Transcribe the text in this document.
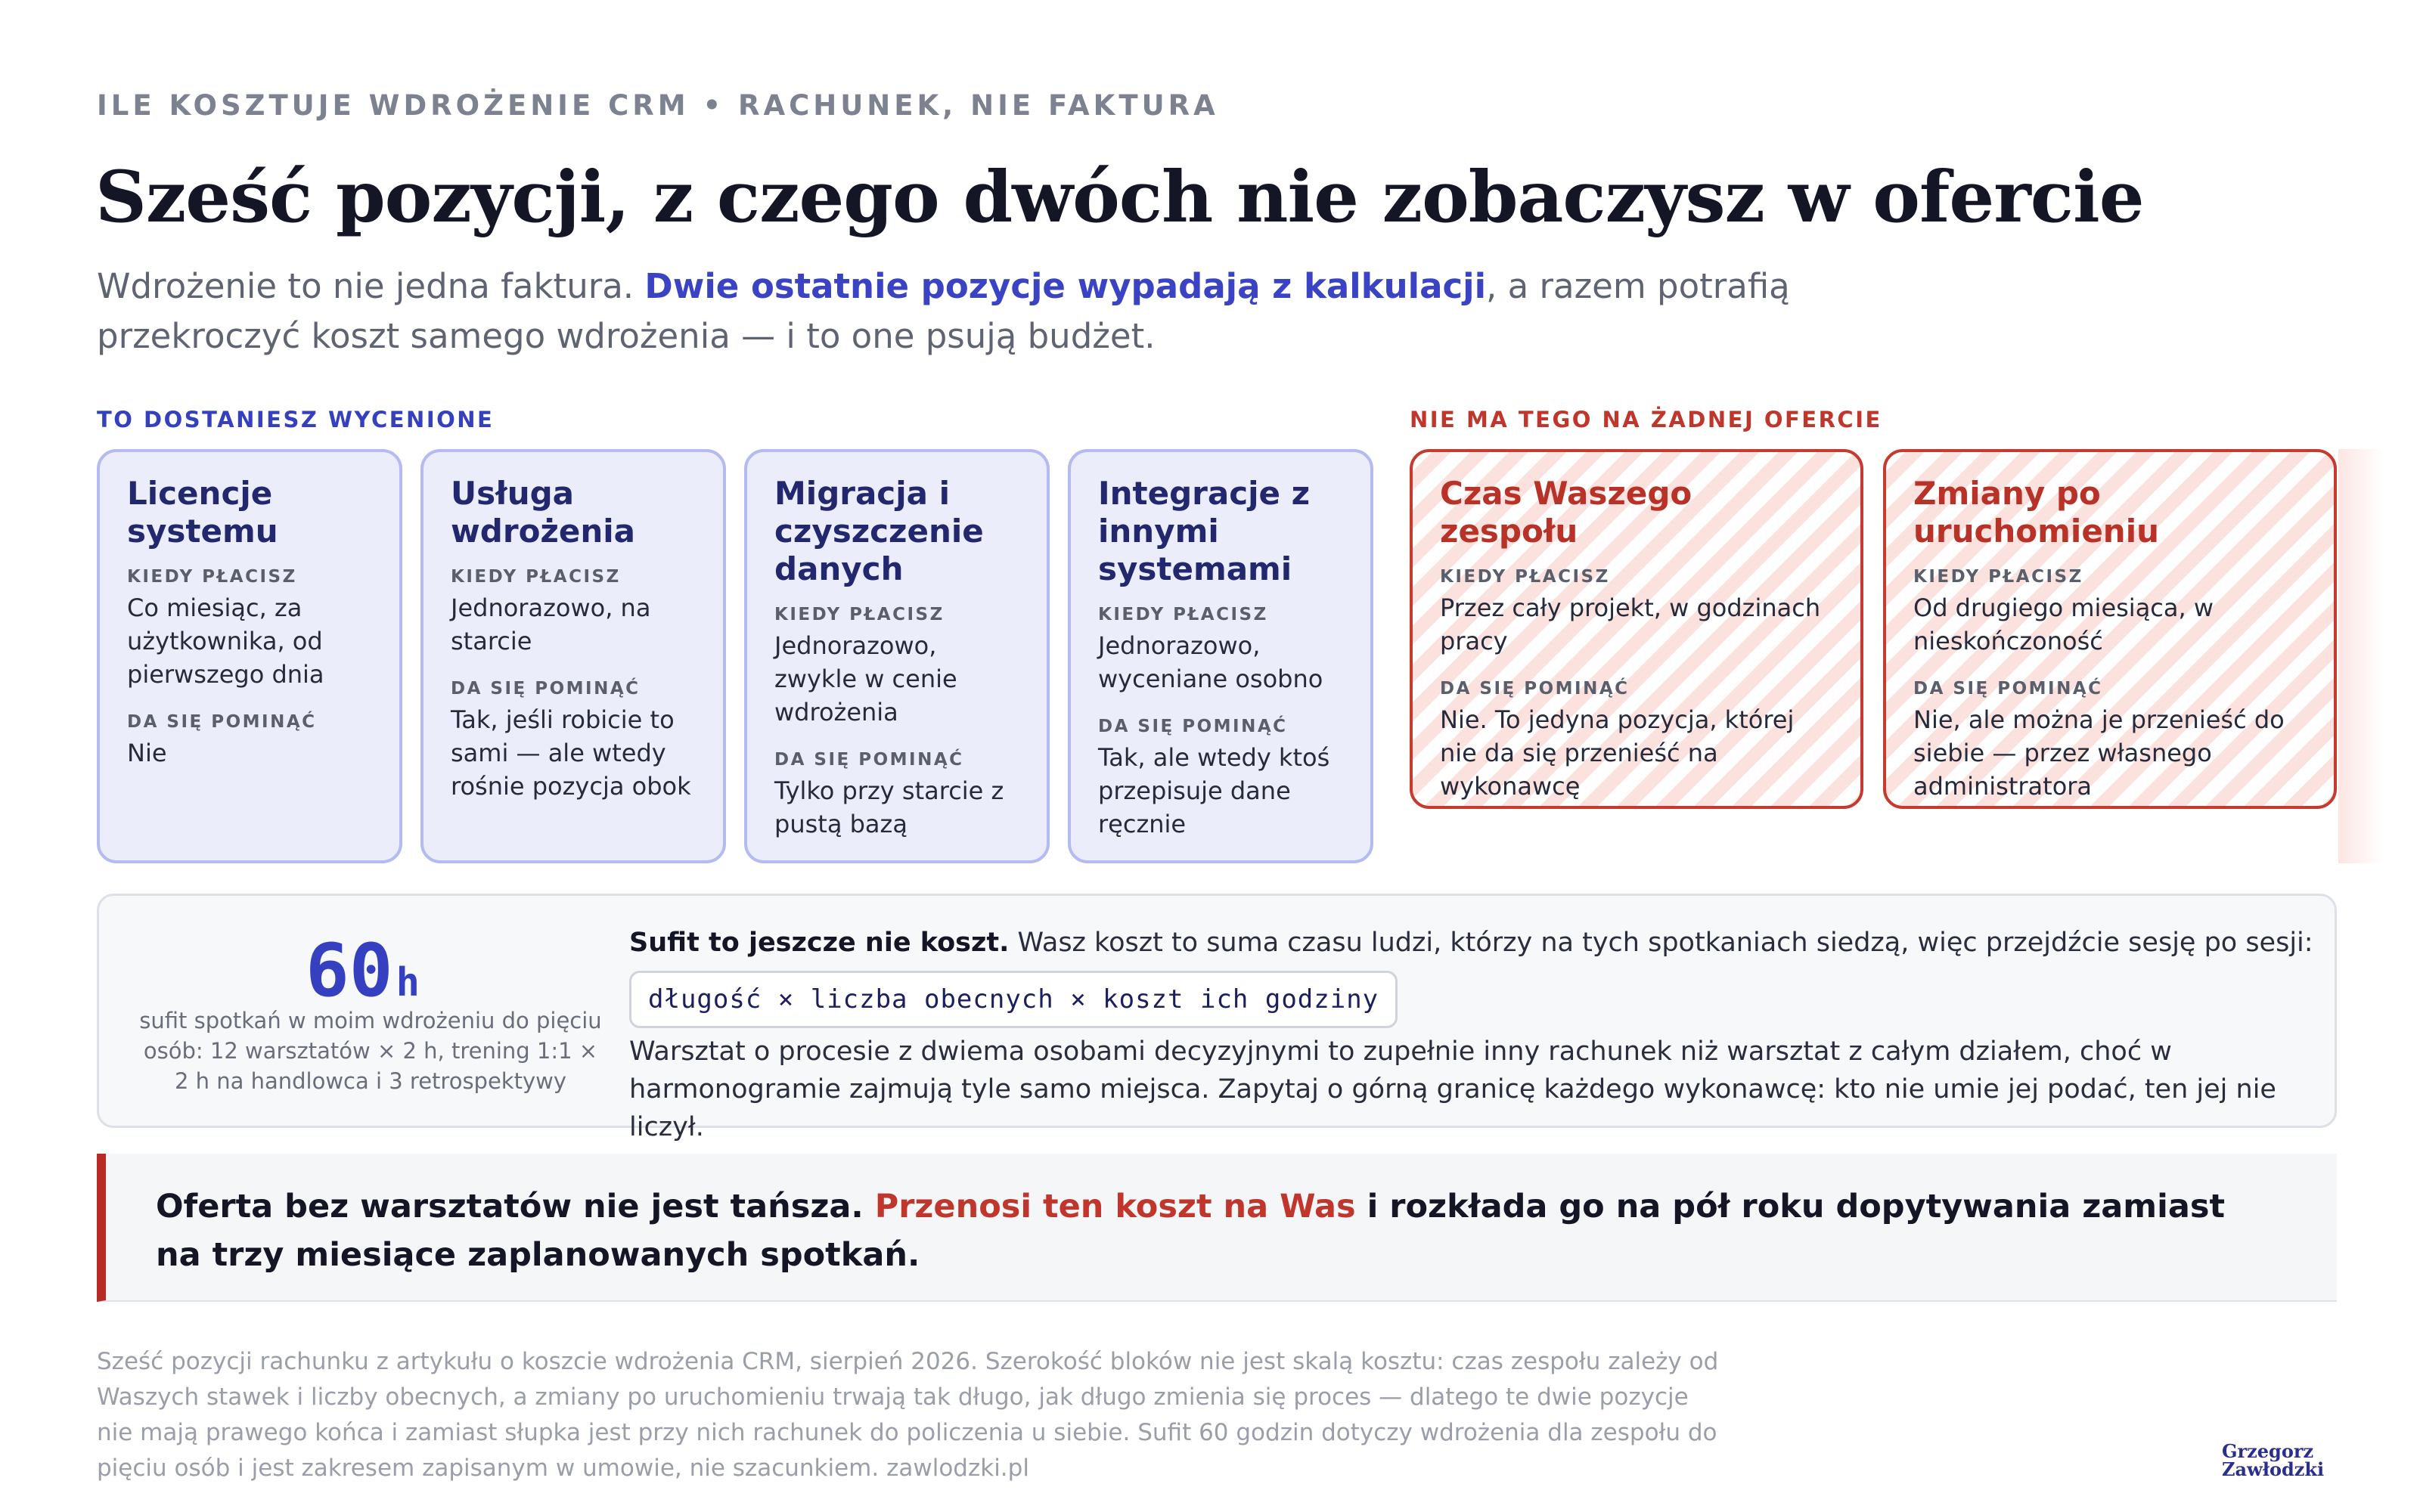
ILE KOSZTUJE WDROŻENIE CRM • RACHUNEK, NIE FAKTURA
Sześć pozycji, z czego dwóch nie zobaczysz w ofercie

Wdrożenie to nie jedna faktura. Dwie ostatnie pozycje wypadają z kalkulacji, a razem potrafią przekroczyć koszt samego wdrożenia — i to one psują budżet.

TO DOSTANIESZ WYCENIONE	NIE MA TEGO NA ŻADNEJ OFERCIE
Licencje systemu
KIEDY PŁACISZ
Co miesiąc, za użytkownika, od pierwszego dnia
DA SIĘ POMINĄĆ
Nie
Usługa wdrożenia
KIEDY PŁACISZ
Jednorazowo, na starcie
DA SIĘ POMINĄĆ
Tak, jeśli robicie to sami — ale wtedy rośnie pozycja obok
Migracja i czyszczenie danych
KIEDY PŁACISZ
Jednorazowo, zwykle w cenie wdrożenia
DA SIĘ POMINĄĆ
Tylko przy starcie z pustą bazą
Integracje z innymi systemami
KIEDY PŁACISZ
Jednorazowo, wyceniane osobno
DA SIĘ POMINĄĆ
Tak, ale wtedy ktoś przepisuje dane ręcznie
Czas Waszego zespołu
KIEDY PŁACISZ
Przez cały projekt, w godzinach pracy
DA SIĘ POMINĄĆ
Nie. To jedyna pozycja, której nie da się przenieść na wykonawcę
Zmiany po uruchomieniu
KIEDY PŁACISZ
Od drugiego miesiąca, w nieskończoność
DA SIĘ POMINĄĆ
Nie, ale można je przenieść do siebie — przez własnego administratora
60h
sufit spotkań w moim wdrożeniu do pięciu osób: 12 warsztatów × 2 h, trening 1:1 × 2 h na handlowca i 3 retrospektywy
Sufit to jeszcze nie koszt. Wasz koszt to suma czasu ludzi, którzy na tych spotkaniach siedzą, więc przejdźcie sesję po sesji:
długość × liczba obecnych × koszt ich godziny
Warsztat o procesie z dwiema osobami decyzyjnymi to zupełnie inny rachunek niż warsztat z całym działem, choć w harmonogramie zajmują tyle samo miejsca. Zapytaj o górną granicę każdego wykonawcę: kto nie umie jej podać, ten jej nie liczył.

Oferta bez warsztatów nie jest tańsza. Przenosi ten koszt na Was i rozkłada go na pół roku dopytywania zamiast na trzy miesiące zaplanowanych spotkań.

Sześć pozycji rachunku z artykułu o koszcie wdrożenia CRM, sierpień 2026. Szerokość bloków nie jest skalą kosztu: czas zespołu zależy od Waszych stawek i liczby obecnych, a zmiany po uruchomieniu trwają tak długo, jak długo zmienia się proces — dlatego te dwie pozycje nie mają prawego końca i zamiast słupka jest przy nich rachunek do policzenia u siebie. Sufit 60 godzin dotyczy wdrożenia dla zespołu do pięciu osób i jest zakresem zapisanym w umowie, nie szacunkiem. zawlodzki.pl

Grzegorz
Zawłodzki
